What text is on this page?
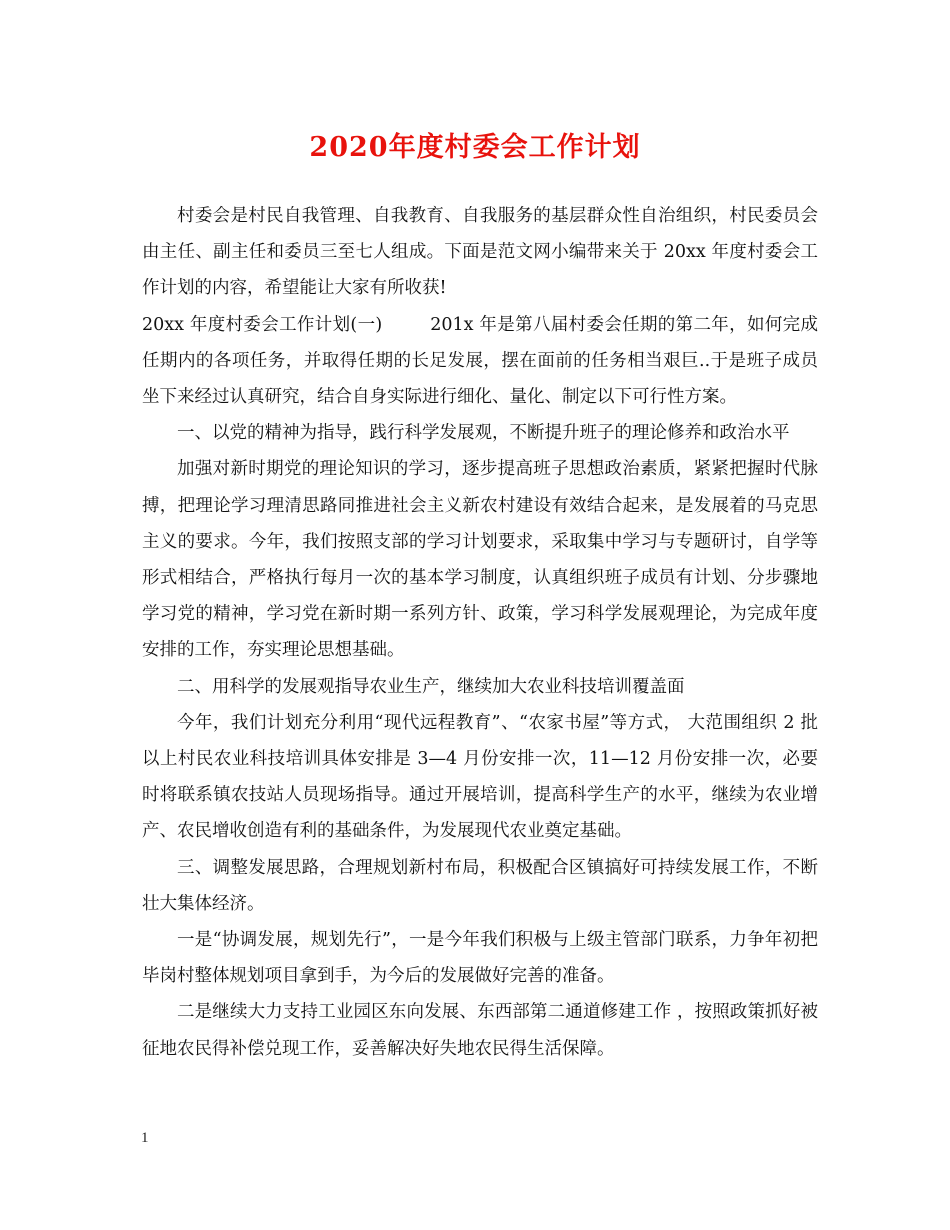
2020年度村委会工作计划

村委会是村民自我管理、自我教育、自我服务的基层群众性自治组织，村民委员会由主任、副主任和委员三至七人组成。下面是范文网小编带来关于 20xx 年度村委会工作计划的内容，希望能让大家有所收获!

20xx 年度村委会工作计划(一)	201x 年是第八届村委会任期的第二年，如何完成任期内的各项任务，并取得任期的长足发展，摆在面前的任务相当艰巨..于是班子成员坐下来经过认真研究，结合自身实际进行细化、量化、制定以下可行性方案。

一、以党的精神为指导，践行科学发展观，不断提升班子的理论修养和政治水平

加强对新时期党的理论知识的学习，逐步提高班子思想政治素质，紧紧把握时代脉搏，把理论学习理清思路同推进社会主义新农村建设有效结合起来，是发展着的马克思主义的要求。今年，我们按照支部的学习计划要求，采取集中学习与专题研讨，自学等形式相结合，严格执行每月一次的基本学习制度，认真组织班子成员有计划、分步骤地学习党的精神，学习党在新时期一系列方针、政策，学习科学发展观理论，为完成年度安排的工作，夯实理论思想基础。

二、用科学的发展观指导农业生产，继续加大农业科技培训覆盖面

今年，我们计划充分利用“现代远程教育”、“农家书屋”等方式， 大范围组织 2 批以上村民农业科技培训具体安排是 3—4 月份安排一次，11—12 月份安排一次，必要时将联系镇农技站人员现场指导。通过开展培训，提高科学生产的水平，继续为农业增产、农民增收创造有利的基础条件，为发展现代农业奠定基础。

三、调整发展思路，合理规划新村布局，积极配合区镇搞好可持续发展工作，不断壮大集体经济。

一是“协调发展，规划先行”，一是今年我们积极与上级主管部门联系，力争年初把毕岗村整体规划项目拿到手，为今后的发展做好完善的准备。

二是继续大力支持工业园区东向发展、东西部第二通道修建工作 ，按照政策抓好被征地农民得补偿兑现工作，妥善解决好失地农民得生活保障。

1
